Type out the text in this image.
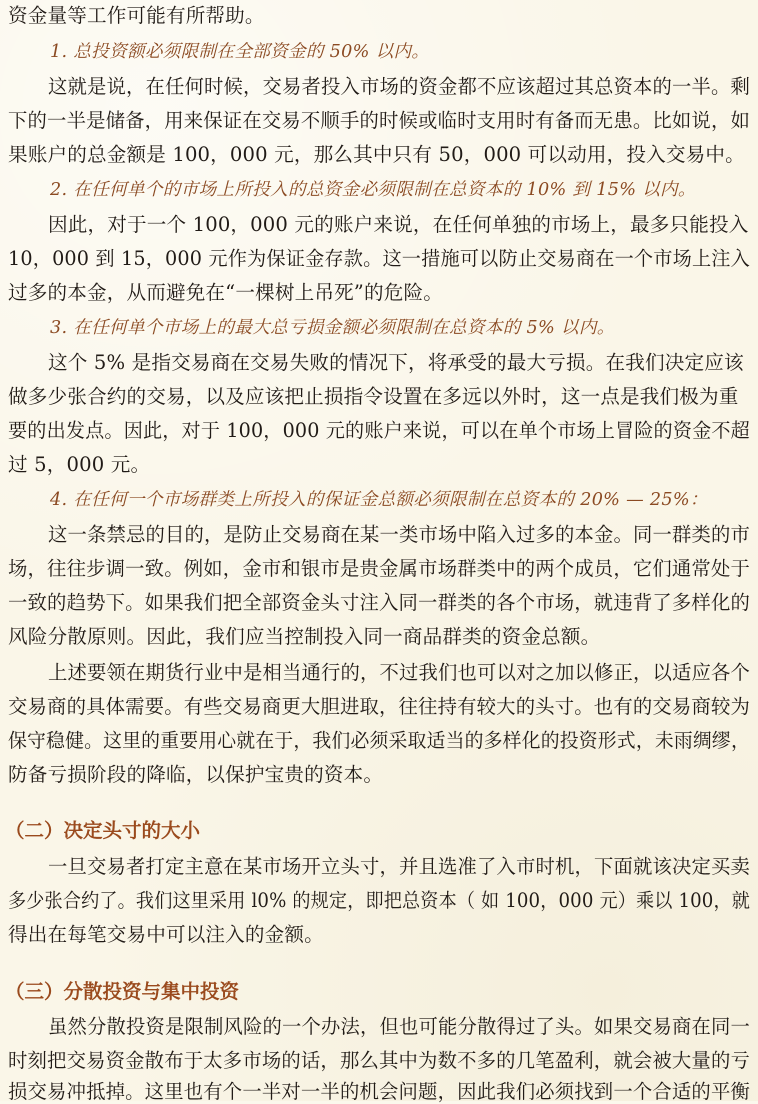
资金量等工作可能有所帮助。
1. 总投资额必须限制在全部资金的 50% 以内。
这就是说，在任何时候，交易者投入市场的资金都不应该超过其总资本的一半。剩
下的一半是储备，用来保证在交易不顺手的时候或临时支用时有备而无患。比如说，如
果账户的总金额是 100，000 元，那么其中只有 50，000 可以动用，投入交易中。
2. 在任何单个的市场上所投入的总资金必须限制在总资本的 10% 到 15% 以内。
因此，对于一个 100，000 元的账户来说，在任何单独的市场上，最多只能投入
10，000 到 15，000 元作为保证金存款。这一措施可以防止交易商在一个市场上注入
过多的本金，从而避免在“一棵树上吊死”的危险。
3. 在任何单个市场上的最大总亏损金额必须限制在总资本的 5% 以内。
这个 5% 是指交易商在交易失败的情况下，将承受的最大亏损。在我们决定应该
做多少张合约的交易，以及应该把止损指令设置在多远以外时，这一点是我们极为重
要的出发点。因此，对于 100，000 元的账户来说，可以在单个市场上冒险的资金不超
过 5，000 元。
4. 在任何一个市场群类上所投入的保证金总额必须限制在总资本的 20% — 25%：
这一条禁忌的目的，是防止交易商在某一类市场中陷入过多的本金。同一群类的市
场，往往步调一致。例如，金市和银市是贵金属市场群类中的两个成员，它们通常处于
一致的趋势下。如果我们把全部资金头寸注入同一群类的各个市场，就违背了多样化的
风险分散原则。因此，我们应当控制投入同一商品群类的资金总额。
上述要领在期货行业中是相当通行的，不过我们也可以对之加以修正，以适应各个
交易商的具体需要。有些交易商更大胆进取，往往持有较大的头寸。也有的交易商较为
保守稳健。这里的重要用心就在于，我们必须采取适当的多样化的投资形式，未雨绸缪，
防备亏损阶段的降临，以保护宝贵的资本。
（二）决定头寸的大小
一旦交易者打定主意在某市场开立头寸，并且选准了入市时机，下面就该决定买卖
多少张合约了。我们这里采用 l0% 的规定，即把总资本（ 如 100，000 元）乘以 100，就
得出在每笔交易中可以注入的金额。
（三）分散投资与集中投资
虽然分散投资是限制风险的一个办法，但也可能分散得过了头。如果交易商在同一
时刻把交易资金散布于太多市场的话，那么其中为数不多的几笔盈利，就会被大量的亏
损交易冲抵掉。这里也有个一半对一半的机会问题，因此我们必须找到一个合适的平衡
